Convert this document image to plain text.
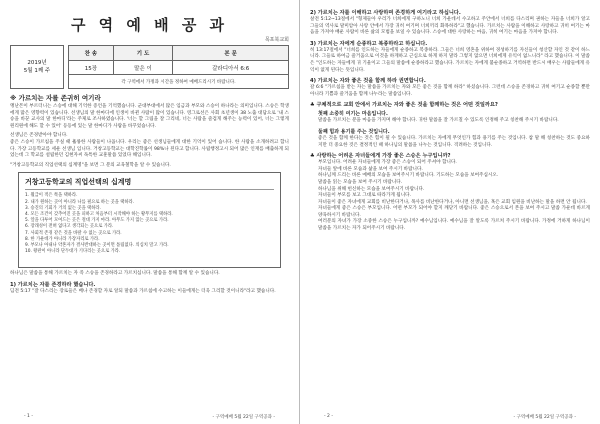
구 역 예 배 공 과
목포북교회
2019년
5월 1째 주
찬 송	기 도	본 문
15장	말은 이	갈라디아서 6:6
각 구역에서 가정과 시간을 정하여 예배드리시기 바랍니다.		
※ 가르치는 자를 존귀히 여기라

앵난몬이 부르더니는 스승에 대해 기억한 증언을 기억했습니다. 군대부대에서 많은 임금과 부모와 스승이 하나라는 의미입니다. 스승은 학생에게 많은 영향력이 있습니다. 선생님의 말 한마디에 인생이 바뀐 사람이 많이 있습니다. 영그로선은 사회 초년생이 38 노출 대담으로 '내 스승을 바꾼 교사의 말 한마디'라는 주제로 조사하였습니다. '너는 할 그림을 잘 그리네, 너는 사람을 즐겁게 해주는 능력이 있어, 너는 그렇게 원리원에 해도 할 수 있어' 등등에 있는 말 한마디가 사람을 바꾸었습니다.

선생님은 존경받아야 합니다.
좋은 스승이 가르침을 주실 때 훌륭한 사람들이 나옵니다. 우리는 좋은 선생님들에게 대한 기억이 있어 습니다. 한 사람을 소개하려고 합니다. 가장 고등학교를 세운 선생님 입니다. 거창고등학교는 대학진학률이 98%나 된다고 합니다. 사립행정고시 되어 많은 인재를 배출하게 되었는데 그 학교를 설립한던 김현자씨 독특한 교훈말씀 있었다 해입니다.

"거창고등학교의 직업선택의 십계명"을 보면 그 분의 교육철학을 알 수 있습니다.

거창고등학교의 직업선택의 십계명
1. 월급이 적은 쪽을 택하라.
2. 내가 원하는 곳이 아니라 나를 필요로 하는 곳을 택하라.
3. 승진의 기회가 거의 없는 곳을 택하라.
4. 모든 조건이 갖추어진 곳을 피하고 처음부터 시작해야 하는 황무지를 택하라.
5. 앞을 다투어 모여드는 곳은 절대 가지 마라. 아무도 가지 않는 곳으로 가라.
6. 장래성이 전혀 없다고 생각되는 곳으로 가라.
7. 사회적 존경 같은 것을 바랄 수 없는 곳으로 가라.
8. 한 가운데가 아니라 가장자리로 가라.
9. 부모나 아내나 약혼자가 결사반대하는 곳이면 틀림없다. 의심치 말고 가라.
10. 왕관이 아니라 단두대가 기다리는 곳으로 가라.

하나님은 말씀을 통해 가르치는 자 즉 스승을 존경하라고 가르치십니다. 말씀을 통해 함께 알 수 있습니다.

1) 가르치는 자를 존경하라 했습니다.

딤전 5:17 "잘 다스리는 장로들은 배나 존경할 자로 알되 말씀과 가르침에 수고하는 이들에게는 더욱 그리할 것이니라"라고 했습니다.

- 1 -	- 구역예배 5월 22일 구역공과 -
2) 가르치는 자를 이해하고 사랑하며 존경하게 여기라고 하십니다.

살전 5:12~13절에서 "형제들아 우리가 너희에게 구하노니 너희 가운데서 수고하고 주안에서 너희를 다스리며 권하는 자들을 너희가 알고 그들의 역사로 말미암아 사랑 안에서 가장 귀히 여기며 너희끼리 화목하라"고 했습니다. 가르치는 사람을 이해하고 사랑하고 귀히 여기는 마음을 가져야 배운 사람이 바른 삶의 모범을 보일 수 있습니다. 스승에 대한 사랑하는 마음, 귀히 여기는 마음을 가져야 합니다.

3) 가르치는 자에게 순종하고 복종하라고 하십니다.

히 13:17절에서 "너희를 인도하는 자들에게 순종하고 복종하라. 그들은 너희 영혼을 위하여 경성하기를 자신들이 청산할 자인 것 같이 하느니라. 그들로 하여금 즐거움으로 이것을 하게하고 근심으로 하게 하지 말라 그렇지 않으면 너희에게 유익이 없느니라" 라고 했습니다. 이 말씀은 "인도하는 자들에게 귀 기울이고 그들의 말씀에 순종하라고 했습니다. 가르치는 자에게 불순종하고 거역하면 반드시 배우는 사람들에게 유익이 없게 된다는 뜻입니다.

4) 가르치는 자와 좋은 것을 함께 하라 권면합니다.

갈 6:6 "가르침을 받는 자는 말씀을 가르치는 자와 모든 좋은 것을 함께 하라" 하셨습니다. 그런데 스승을 존경하고 귀히 여기고 순종할 뿐만 아니라 기쁨과 즐거움을 함께 나누라는 말씀입니다.

♣ 구체적으로 교회 안에서 가르치는 자와 좋은 것을 함께하는 것은 어떤 것일까요?
첫째 소중히 여기는 마음입니다.

말씀을 가르치는 분을 마음을 가지며 해야 합니다. 귀한 말씀을 잘 가르칠 수 있도록 인정해 주고 칭찬해 주시기 바랍니다.

둘째 힘과 용기를 주는 것입니다.

좋은 것을 함께 한다는 것은 힘이 될 수 있습니다. 가르치는 자에게 무엇인가 힘과 용기를 주는 것입니다. 참 말 해 칭찬하는 것도 중요하지만 더 중요한 것은 결정적인 때 하나님의 말씀을 나누는 것입니다. 격려하는 것입니다.

♣ 사랑하는 어려운 자녀들에게 가장 좋은 스승은 누구입니까?

부모입니다. 어려운 자녀들에게 가장 좋은 스승이 되어 주셔야 합니다.
자녀들 앞에 바른 모습과 삶을 보여 주시기 바랍니다.
하나님께 드리는 바른 예배의 모습을 보여주시기 바랍니다. 기도하는 모습을 보여주십시오.
말씀을 읽는 모습을 보여 주시기 바랍니다.
하나님을 위해 헌신하는 모습을 보여주시기 바랍니다.
자녀들이 부모를 보고 그대로 따라가게 됩니다.
자녀들이 좋은 자녀에게 교회를 비난한다거나, 목사를 비난한다거나, 아니면 선생님을, 혹은 교회 임원을 비난하는 말을 하면 안 됩니다.
자녀들에게 좋은 스승은 부모입니다. 어떤 부모가 되어야 할지 깨닫기 바랍니다. 좋은 스승으로서 본을 보여 주시고 말씀 가운데 바르게 양육하시기 바랍니다.
여러분의 자녀가 가장 소중한 스승은 누구입니까? 예수님입니다. 예수님을 잘 알도록 가르쳐 주시기 바랍니다. 가정에 거하게 하나님이 말씀을 가르치는 자가 되어주시기 바랍니다.

- 2 -	- 구역예배 5월 22일 구역공과 -
